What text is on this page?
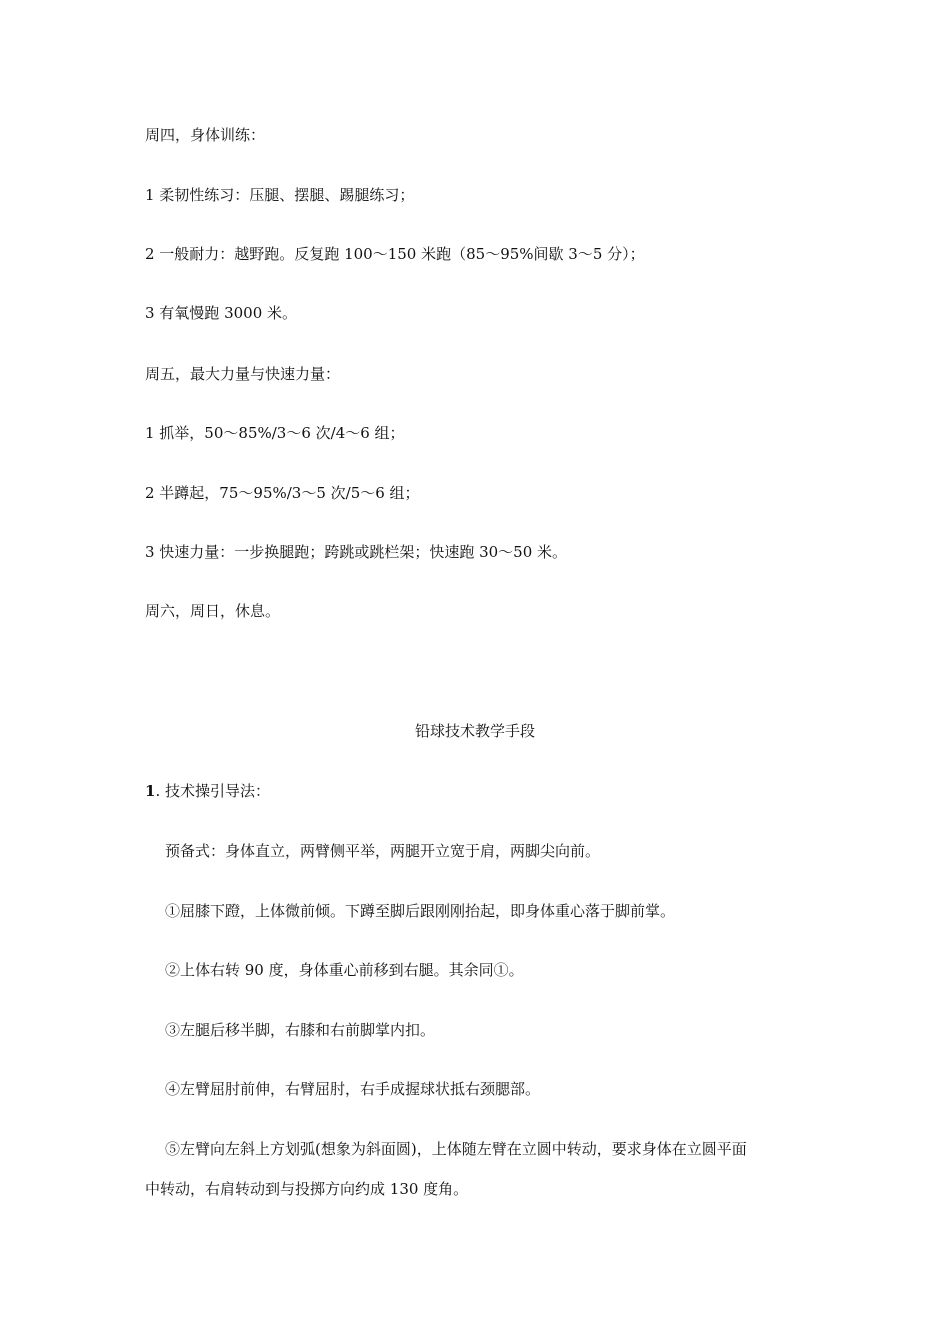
周四，身体训练：
1 柔韧性练习：压腿、摆腿、踢腿练习；
2 一般耐力：越野跑。反复跑 100～150 米跑（85～95%间歇 3～5 分）；
3 有氧慢跑 3000 米。
周五，最大力量与快速力量：
1 抓举，50～85%/3～6 次/4～6 组；
2 半蹲起，75～95%/3～5 次/5～6 组；
3 快速力量：一步换腿跑；跨跳或跳栏架；快速跑 30～50 米。
周六，周日，休息。
铅球技术教学手段
1. 技术操引导法：
预备式：身体直立，两臂侧平举，两腿开立宽于肩，两脚尖向前。
①屈膝下蹬，上体微前倾。下蹲至脚后跟刚刚抬起，即身体重心落于脚前掌。
②上体右转 90 度，身体重心前移到右腿。其余同①。
③左腿后移半脚，右膝和右前脚掌内扣。
④左臂屈肘前伸，右臂屈肘，右手成握球状抵右颈腮部。
⑤左臂向左斜上方划弧(想象为斜面圆)，上体随左臂在立圆中转动，要求身体在立圆平面
中转动，右肩转动到与投掷方向约成 130 度角。
